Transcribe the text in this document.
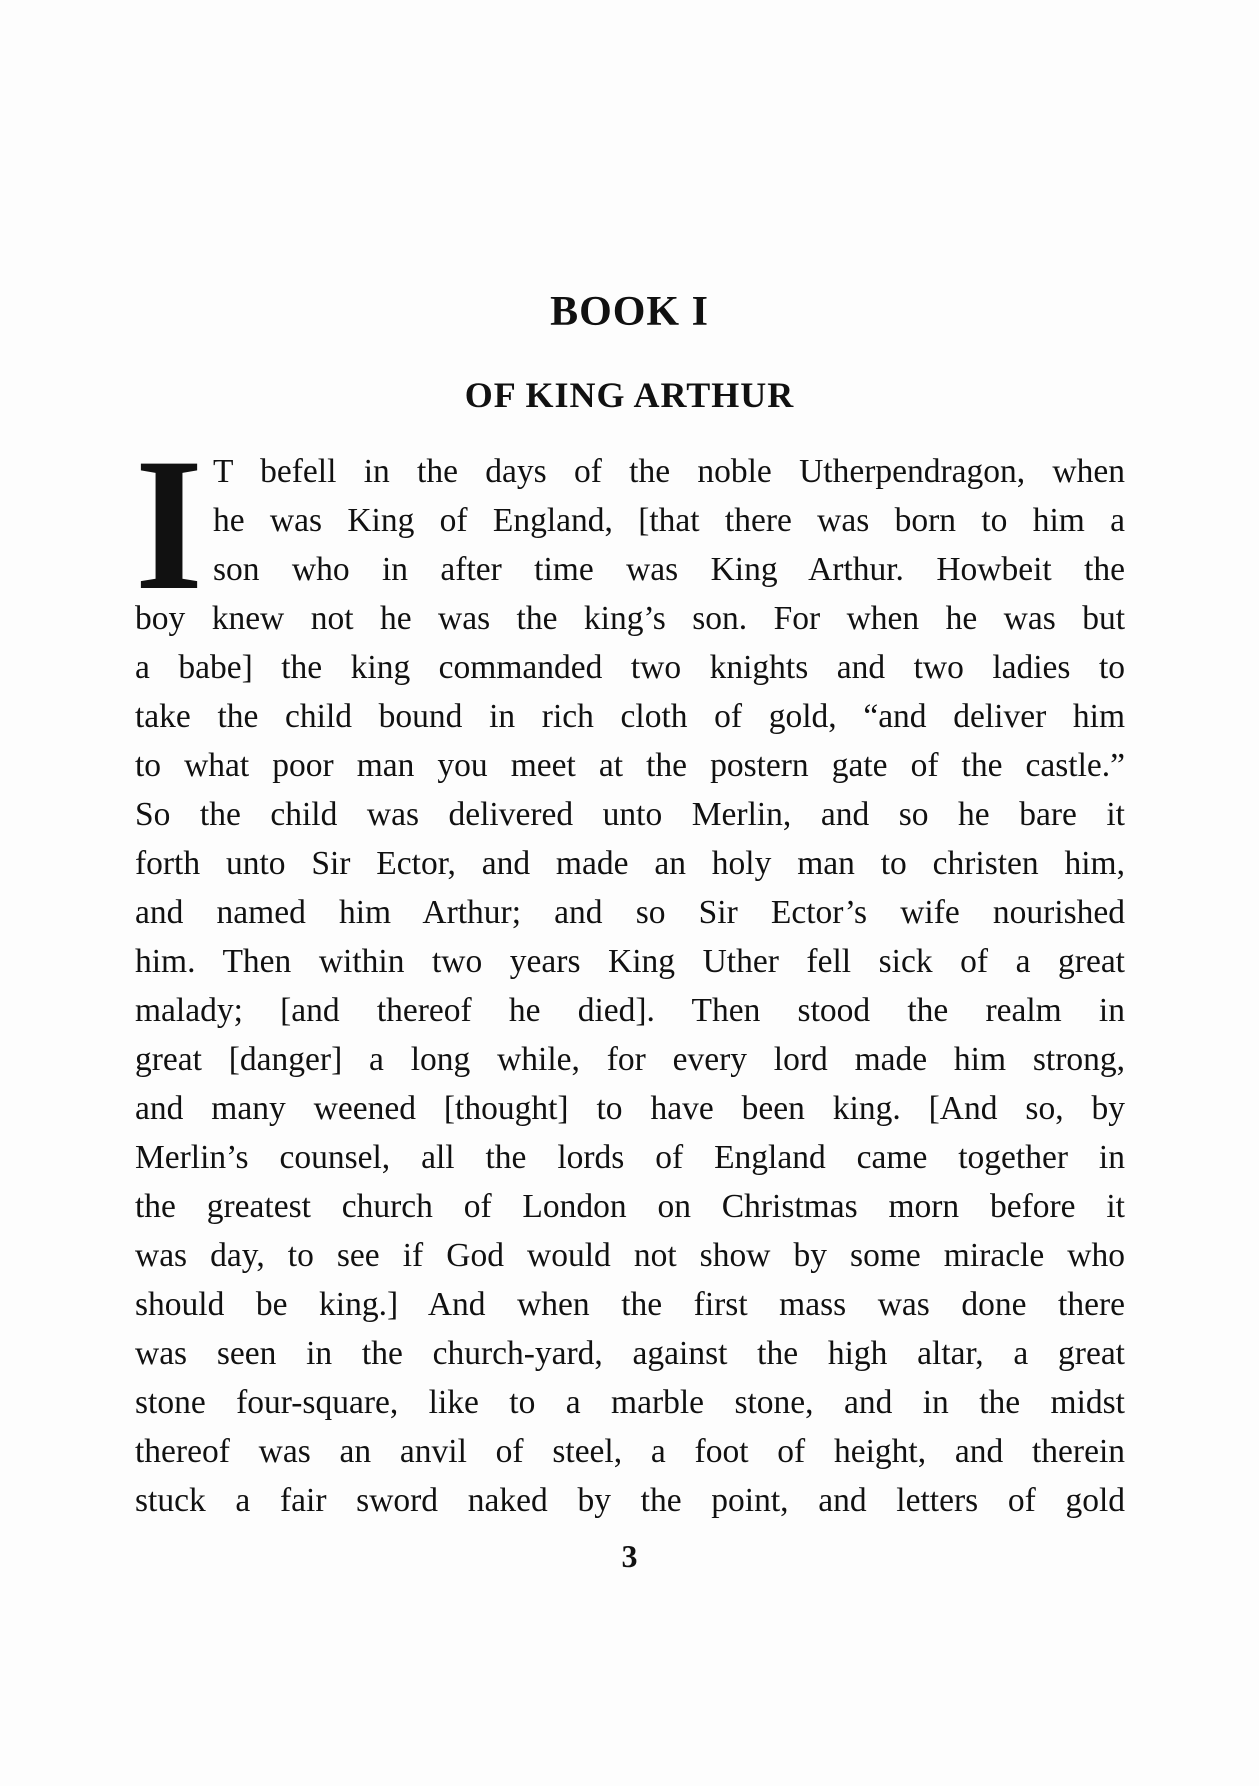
BOOK I
OF KING ARTHUR
I T befell in the days of the noble Utherpendragon, when
he was King of England, [that there was born to him a
son who in after time was King Arthur. Howbeit the
boy knew not he was the king’s son. For when he was but
a babe] the king commanded two knights and two ladies to
take the child bound in rich cloth of gold, “and deliver him
to what poor man you meet at the postern gate of the castle.”
So the child was delivered unto Merlin, and so he bare it
forth unto Sir Ector, and made an holy man to christen him,
and named him Arthur; and so Sir Ector’s wife nourished
him. Then within two years King Uther fell sick of a great
malady; [and thereof he died]. Then stood the realm in
great [danger] a long while, for every lord made him strong,
and many weened [thought] to have been king. [And so, by
Merlin’s counsel, all the lords of England came together in
the greatest church of London on Christmas morn before it
was day, to see if God would not show by some miracle who
should be king.] And when the first mass was done there
was seen in the church-yard, against the high altar, a great
stone four-square, like to a marble stone, and in the midst
thereof was an anvil of steel, a foot of height, and therein
stuck a fair sword naked by the point, and letters of gold
3
